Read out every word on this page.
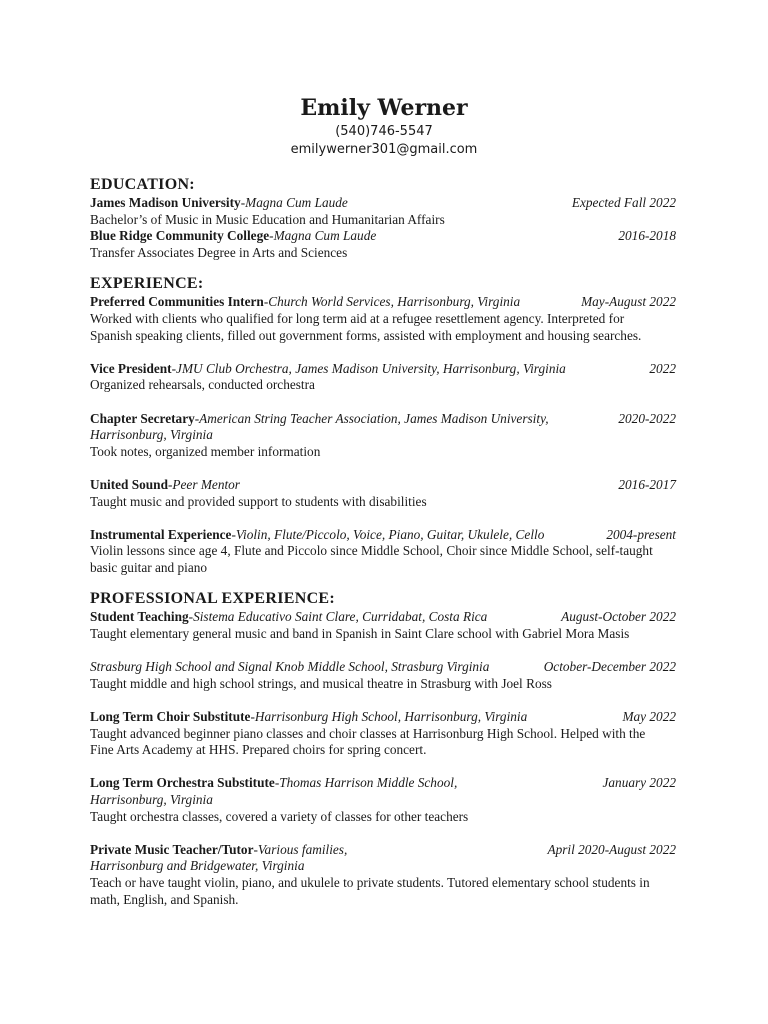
Emily Werner
(540)746-5547
emilywerner301@gmail.com
EDUCATION:
James Madison University-Magna Cum Laude	Expected Fall 2022
Bachelor’s of Music in Music Education and Humanitarian Affairs
Blue Ridge Community College-Magna Cum Laude	2016-2018
Transfer Associates Degree in Arts and Sciences
EXPERIENCE:
Preferred Communities Intern-Church World Services, Harrisonburg, Virginia	May-August 2022
Worked with clients who qualified for long term aid at a refugee resettlement agency. Interpreted for
Spanish speaking clients, filled out government forms, assisted with employment and housing searches.
Vice President-JMU Club Orchestra, James Madison University, Harrisonburg, Virginia	2022
Organized rehearsals, conducted orchestra
Chapter Secretary-American String Teacher Association, James Madison University,	2020-2022
Harrisonburg, Virginia
Took notes, organized member information
United Sound-Peer Mentor	2016-2017
Taught music and provided support to students with disabilities
Instrumental Experience-Violin, Flute/Piccolo, Voice, Piano, Guitar, Ukulele, Cello	2004-present
Violin lessons since age 4, Flute and Piccolo since Middle School, Choir since Middle School, self-taught
basic guitar and piano
PROFESSIONAL EXPERIENCE:
Student Teaching-Sistema Educativo Saint Clare, Curridabat, Costa Rica	August-October 2022
Taught elementary general music and band in Spanish in Saint Clare school with Gabriel Mora Masis
Strasburg High School and Signal Knob Middle School, Strasburg Virginia	October-December 2022
Taught middle and high school strings, and musical theatre in Strasburg with Joel Ross
Long Term Choir Substitute-Harrisonburg High School, Harrisonburg, Virginia	May 2022
Taught advanced beginner piano classes and choir classes at Harrisonburg High School. Helped with the
Fine Arts Academy at HHS. Prepared choirs for spring concert.
Long Term Orchestra Substitute-Thomas Harrison Middle School,	January 2022
Harrisonburg, Virginia
Taught orchestra classes, covered a variety of classes for other teachers
Private Music Teacher/Tutor-Various families,	April 2020-August 2022
Harrisonburg and Bridgewater, Virginia
Teach or have taught violin, piano, and ukulele to private students. Tutored elementary school students in
math, English, and Spanish.
